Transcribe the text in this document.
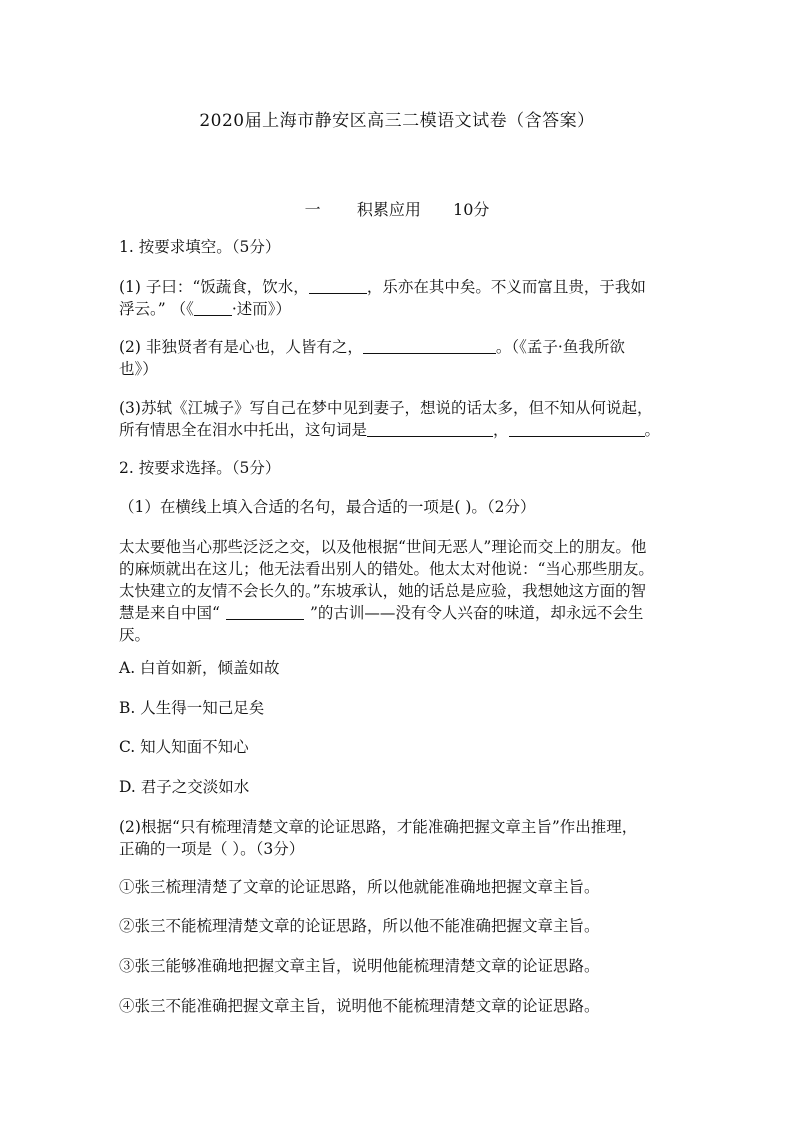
2020届上海市静安区高三二模语文试卷（含答案）
一 积累应用 10分
1. 按要求填空。（5分）
(1) 子曰：“饭蔬食，饮水，	，乐亦在其中矣。不义而富且贵，于我如
浮云。” （《 ·述而》）
(2) 非独贤者有是心也，人皆有之，	。（《孟子·鱼我所欲
也》）
(3)苏轼《江城子》写自己在梦中见到妻子，想说的话太多，但不知从何说起，
所有情思全在泪水中托出，这句词是	，	。
2. 按要求选择。（5分）
（1）在横线上填入合适的名句，最合适的一项是( )。（2分）
太太要他当心那些泛泛之交，以及他根据“世间无恶人”理论而交上的朋友。他
的麻烦就出在这儿；他无法看出别人的错处。他太太对他说：“当心那些朋友。
太快建立的友情不会长久的。”东坡承认，她的话总是应验，我想她这方面的智
慧是来自中国“	”的古训——没有令人兴奋的味道，却永远不会生
厌。
A. 白首如新，倾盖如故
B. 人生得一知己足矣
C. 知人知面不知心
D. 君子之交淡如水
(2)根据“只有梳理清楚文章的论证思路，才能准确把握文章主旨”作出推理，
正确的一项是（ ）。（3分）
①张三梳理清楚了文章的论证思路，所以他就能准确地把握文章主旨。
②张三不能梳理清楚文章的论证思路，所以他不能准确把握文章主旨。
③张三能够准确地把握文章主旨，说明他能梳理清楚文章的论证思路。
④张三不能准确把握文章主旨，说明他不能梳理清楚文章的论证思路。
